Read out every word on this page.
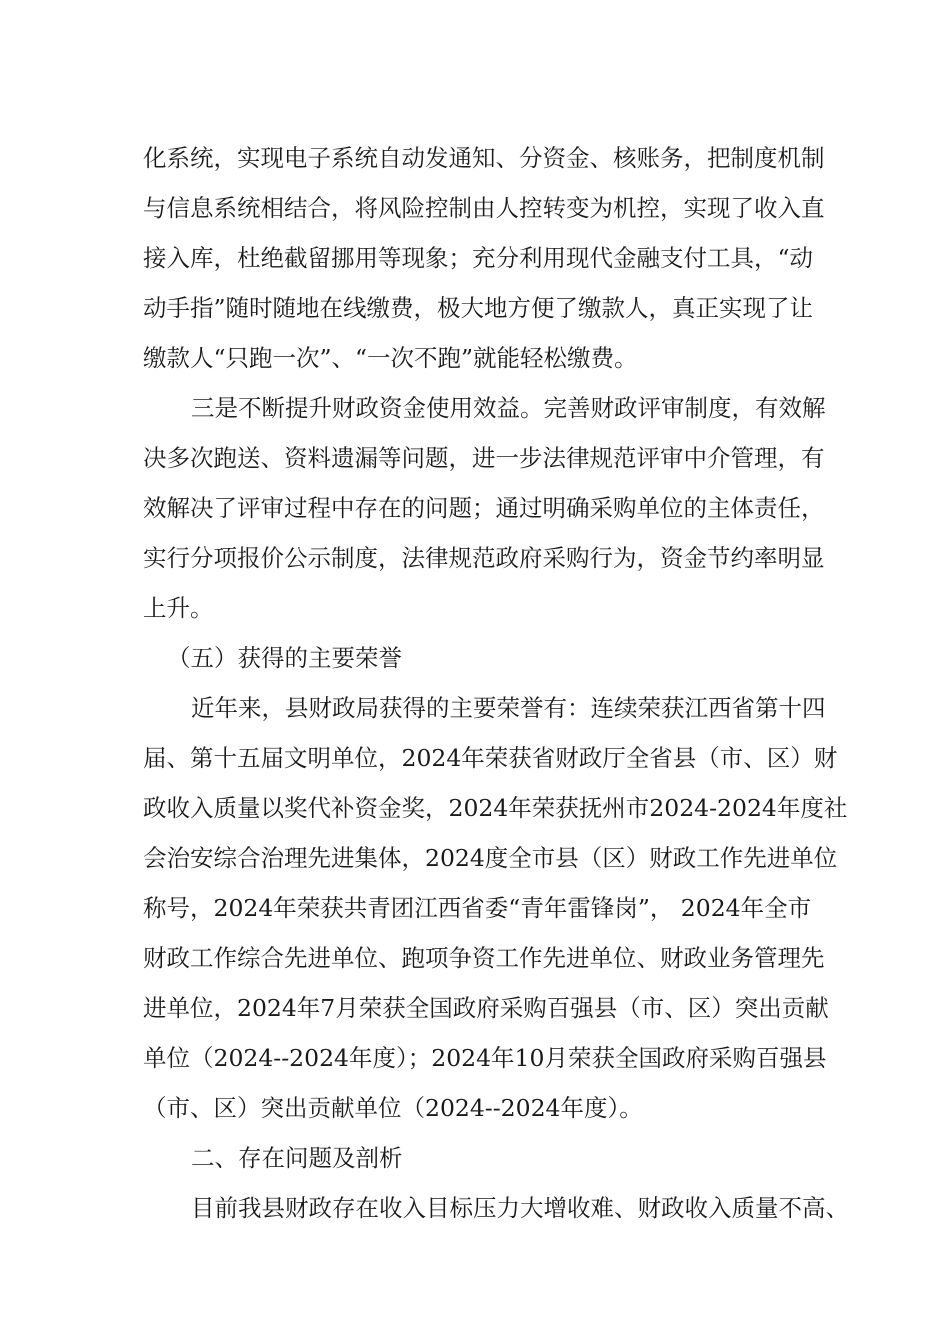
化系统，实现电子系统自动发通知、分资金、核账务，把制度机制
与信息系统相结合，将风险控制由人控转变为机控，实现了收入直
接入库，杜绝截留挪用等现象；充分利用现代金融支付工具，“动
动手指”随时随地在线缴费，极大地方便了缴款人，真正实现了让
缴款人“只跑一次”、“一次不跑”就能轻松缴费。
三是不断提升财政资金使用效益。完善财政评审制度，有效解
决多次跑送、资料遗漏等问题，进一步法律规范评审中介管理，有
效解决了评审过程中存在的问题；通过明确采购单位的主体责任，
实行分项报价公示制度，法律规范政府采购行为，资金节约率明显
上升。
（五）获得的主要荣誉
近年来，县财政局获得的主要荣誉有：连续荣获江西省第十四
届、第十五届文明单位，2024年荣获省财政厅全省县（市、区）财
政收入质量以奖代补资金奖，2024年荣获抚州市2024-2024年度社
会治安综合治理先进集体，2024度全市县（区）财政工作先进单位
称号，2024年荣获共青团江西省委“青年雷锋岗”， 2024年全市
财政工作综合先进单位、跑项争资工作先进单位、财政业务管理先
进单位，2024年7月荣获全国政府采购百强县（市、区）突出贡献
单位（2024--2024年度）；2024年10月荣获全国政府采购百强县
（市、区）突出贡献单位（2024--2024年度）。
二、存在问题及剖析
目前我县财政存在收入目标压力大增收难、财政收入质量不高、
